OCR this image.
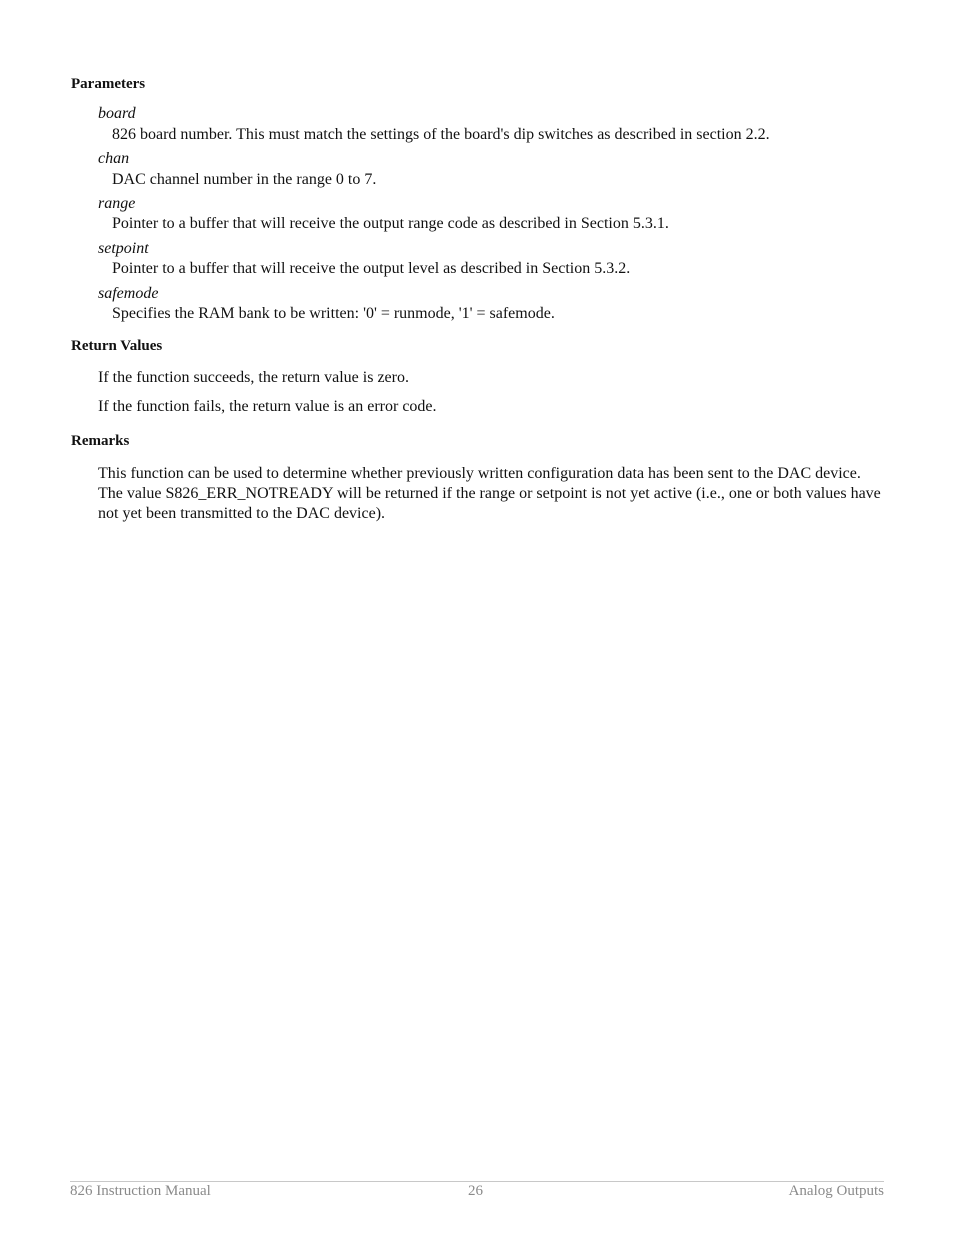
Parameters

board

826 board number. This must match the settings of the board's dip switches as described in section 2.2.

chan

DAC channel number in the range 0 to 7.

range

Pointer to a buffer that will receive the output range code as described in Section 5.3.1.

setpoint

Pointer to a buffer that will receive the output level as described in Section 5.3.2.

safemode

Specifies the RAM bank to be written: '0' = runmode, '1' = safemode.

Return Values

If the function succeeds, the return value is zero.

If the function fails, the return value is an error code.

Remarks

This function can be used to determine whether previously written configuration data has been sent to the DAC device. The value S826_ERR_NOTREADY will be returned if the range or setpoint is not yet active (i.e., one or both values have not yet been transmitted to the DAC device).

826 Instruction Manual	26	Analog Outputs
